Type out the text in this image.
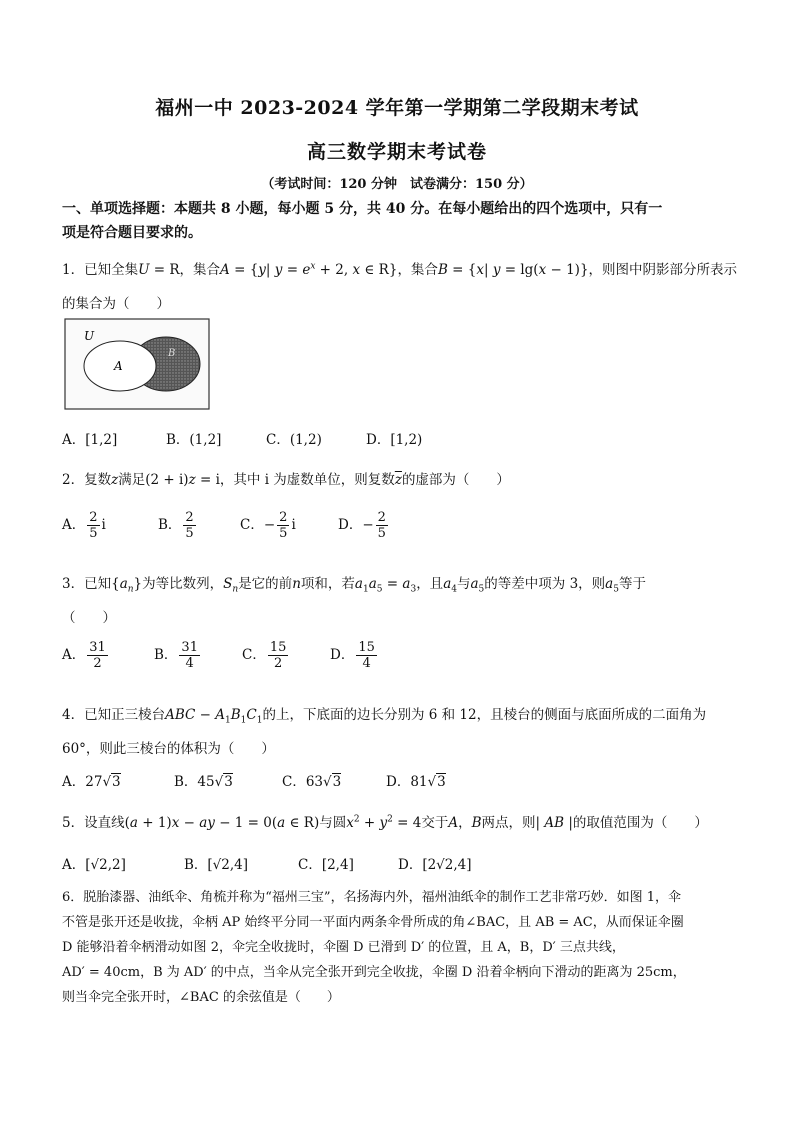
福州一中 2023-2024 学年第一学期第二学段期末考试
高三数学期末考试卷
（考试时间：120 分钟　试卷满分：150 分）
一、单项选择题：本题共 8 小题，每小题 5 分，共 40 分。在每小题给出的四个选项中，只有一
项是符合题目要求的。
1．已知全集U = R，集合A = {y| $y = e^x + 2$, x ∈ R}，集合B = {x| y = lg(x − 1)}，则图中阴影部分所表示
的集合为（　　）
U
A
B
A．[1,2]	B．(1,2]	C．(1,2)	D．[1,2)
2．复数z满足(2 + i)z = i，其中 i 为虚数单位，则复数$\overline{z}$的虚部为（　　）
A． $\frac{2}{5}$ i	B． $\frac{2}{5}$	C．− $\frac{2}{5}$ i	D．− $\frac{2}{5}$
3．已知$\{a_n\}$为等比数列，$S_n$是它的前n项和，若$a_1a_5 = a_3$，且$a_4$与$a_5$的等差中项为 3，则$a_5$等于
（　　）
A． $\frac{31}{2}$	B． $\frac{31}{4}$	C． $\frac{15}{2}$	D． $\frac{15}{4}$
4．已知正三棱台ABC − $A_1B_1C_1$的上，下底面的边长分别为 6 和 12，且棱台的侧面与底面所成的二面角为
60°，则此三棱台的体积为（　　）
A．27√3	B．45√3	C．63√3	D．81√3
5．设直线(a + 1)x − ay − 1 = 0(a ∈ R)与圆$x^2 + y^2 = 4$交于A，B两点，则| AB |的取值范围为（　　）
A．[√2,2]	B．[√2,4]	C．[2,4]	D．[2√2,4]
6．脱胎漆器、油纸伞、角梳并称为“福州三宝”，名扬海内外，福州油纸伞的制作工艺非常巧妙．如图 1，伞
不管是张开还是收拢，伞柄 AP 始终平分同一平面内两条伞骨所成的角∠BAC，且 AB = AC，从而保证伞圈
D 能够沿着伞柄滑动如图 2，伞完全收拢时，伞圈 D 已滑到 D′ 的位置，且 A，B，D′ 三点共线，
AD′ = 40cm，B 为 AD′ 的中点，当伞从完全张开到完全收拢，伞圈 D 沿着伞柄向下滑动的距离为 25cm，
则当伞完全张开时，∠BAC 的余弦值是（　　）
